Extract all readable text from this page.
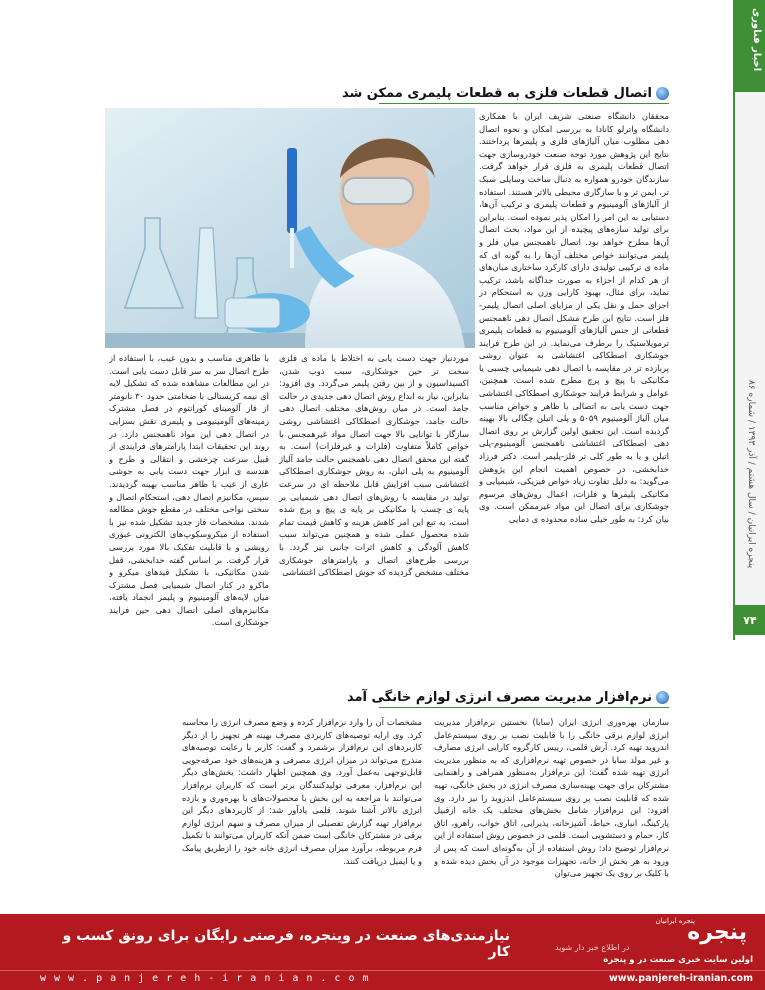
اخبار فناوری
پنجره ایرانیان / سال هشتم / آذر ۱۳۹۳ / شماره ۸۶
۷۴
اتصال قطعات فلزی به قطعات پلیمری ممکن شد
محققان دانشگاه صنعتی شریف ایران با همکاری دانشگاه واترلو کانادا به بررسی امکان و نحوه اتصال دهی مطلوب میان آلیاژهای فلزی و پلیمرها پرداختند. نتایج این پژوهش مورد توجه صنعت خودروسازی جهت اتصال قطعات پلیمری به فلزی قرار خواهد گرفت. سازندگان خودرو همواره به دنبال ساخت وسایلی سبک تر، ایمن تر و با سازگاری محیطی بالاتر هستند. استفاده از آلیاژهای آلومینیوم و قطعات پلیمری و ترکیب آن‌ها، دستیابی به این امر را امکان پذیر نموده است. بنابراین برای تولید سازه‌های پیچیده از این مواد، بحث اتصال آن‌ها مطرح خواهد بود. اتصال ناهمجنس میان فلز و پلیمر می‌توانند خواص مختلف آن‌ها را به گونه ای که ماده ی ترکیبی تولیدی دارای کارکرد ساختاری میان‌های از هر کدام از اجزاء به صورت جداگانه باشد، ترکیب نماید، برای مثال، بهبود کارایی وزن به استحکام در اجزای حمل و نقل یکی از مزایای اصلی اتصال پلیمر- فلز است. نتایج این طرح مشکل اتصال دهی ناهمجنس قطعاتی از جنس آلیاژهای آلومینیوم به قطعات پلیمری ترموپلاستیک را برطرف می‌نماید. در این طرح فرایند جوشکاری اصطکاکی اغتشاشی به عنوان روشی پربازده تر در مقایسه با اتصال دهی شیمیایی چسبی یا مکانیکی با پیچ و پرچ مطرح شده است. همچنین، عوامل و شرایط فرایند جوشکاری اصطکاکی اغتشاشی جهت دست یابی به اتصالی با ظاهر و خواص مناسب میان آلیاژ آلومینیوم ۵۰۵۹ و پلی اتیلن چگالی بالا بهینه گردیده است. این تحقیق اولین گزارش بر روی اتصال دهی اصطکاکی اغتشاشی ناهمجنس آلومینیوم-پلی اتیلن و یا به طور کلی تر فلز-پلیمر است. دکتر فرزاد خدابخشی، در خصوص اهمیت انجام این پژوهش می‌گوید: به دلیل تفاوت زیاد خواص فیزیکی، شیمیایی و مکانیکی پلیمرها و فلزات، اعمال روش‌های مرسوم جوشکاری برای اتصال این مواد غیرممکن است. وی بیان کرد: به طور خیلی ساده محدوده ی دمایی
موردنیاز جهت دست یابی به اختلاط یا ماده ی فلزی سخت تر حین جوشکاری، سبب ذوب شدن، اکسیداسیون و از بین رفتن پلیمر می‌گردد. وی افزود: بنابراین، نیاز به ابداع روش اتصال دهی جدیدی در حالت جامد است. در میان روش‌های مختلف اتصال دهی حالت جامد، جوشکاری اصطکاکی اغتشاشی روشی سازگار با توانایی بالا جهت اتصال مواد غیرهمجنس با خواص کاملاً متفاوت (فلزات و غیرفلزات) است. به گفته این محقق اتصال دهی ناهمجنس حالت جامد آلیاژ آلومینیوم به پلی اتیلن، به روش جوشکاری اصطکاکی اغتشاشی سبب افزایش قابل ملاحظه ای در سرعت تولید در مقایسه با روش‌های اتصال دهی شیمیایی بر پایه ی چسب یا مکانیکی بر پایه ی پیچ و پرچ شده است، به تبع این امر کاهش هزینه و کاهش قیمت تمام شده محصول عملی شده و همچنین می‌تواند سبب کاهش آلودگی و کاهش اثرات جانبی نیز گردد. با بررسی طرح‌های اتصال و پارامترهای جوشکاری مختلف مشخص گردیده که جوش اصطکاکی اغتشاشی
با ظاهری مناسب و بدون عیب، با استفاده از طرح اتصال سر به سر قابل دست یابی است. در این مطالعات مشاهده شده که تشکیل لایه ای نیمه کریستالی با ضخامتی حدود ۳۰ نانومتر از فاز آلومینای کورانتوم در فصل مشترک زمینه‌های آلومینیومی و پلیمری نقش بسزایی در اتصال دهی این مواد ناهمجنس دارد. در روند این تحقیقات ابتدا پارامترهای فرایندی از قبیل سرعت چرخشی و انتقالی و طرح و هندسه ی ابزار جهت دست یابی به جوشی عاری از عیب با ظاهر مناسب بهینه گردیدند. سپس، مکانیزم اتصال دهی، استحکام اتصال و سختی نواحی مختلف در مقطع جوش مطالعه شدند. مشخصات فاز جدید تشکیل شده نیز با استفاده از میکروسکوپ‌های الکترونی عبوری روبشی و با قابلیت تفکیک بالا مورد بررسی قرار گرفت. بر اساس گفته خدابخشی، قفل شدن مکانیکی، با تشکیل قیدهای میکرو و ماکرو در کنار اتصال شیمیایی فصل مشترک میان لایه‌های آلومینیوم و پلیمر انجماد یافته، مکانیزم‌های اصلی اتصال دهی حین فرایند جوشکاری است.
نرم‌افزار مدیریت مصرف انرژی لوازم خانگی آمد
سازمان بهره‌وری انرژی ایران (سابا) نخستین نرم‌افزار مدیریت انرژی لوازم برقی خانگی را با قابلیت نصب بر روی سیستم‌عامل اندروید تهیه کرد. آرش قلمی، رییس کارگروه کارایی انرژی مصارف و غیر مولد سابا در خصوص تهیه نرم‌افزاری که به منظور مدیریت انرژی تهیه شده گفت: این نرم‌افزار به‌منظور همراهی و راهنمایی مشترکان برای جهت بهینه‌سازی مصرف انرژی در بخش خانگی، تهیه شده که قابلیت نصب بر روی سیستم‌عامل اندروید را نیز دارد. وی افزود: این نرم‌افزار شامل بخش‌های مختلف یک خانه ازقبیل پارکینگ، انباری، حیاط، آشپزخانه، پذیرایی، اتاق خواب، راهرو، اتاق کار، حمام و دستشویی است. قلمی در خصوص روش استفاده از این نرم‌افزار توضیح داد: روش استفاده از آن به‌گونه‌ای است که پس از ورود به هر بخش از خانه، تجهیزات موجود در آن بخش دیده شده و با کلیک بر روی یک تجهیز می‌توان
مشخصات آن را وارد نرم‌افزار کرده و وضع مصرف انرژی را محاسبه کرد. وی ارایه توصیه‌های کاربردی مصرف بهینه هر تجهیز را از دیگر کاربردهای این نرم‌افزار برشمرد و گفت: کاربر با رعایت توصیه‌های مندرج می‌تواند در میزان انرژی مصرفی و هزینه‌های خود صرفه‌جویی قابل‌توجهی به‌عمل آورد. وی همچنین اظهار داشت: بخش‌های دیگر این نرم‌افزار، معرفی تولیدکنندگان برتر است که کاربران نرم‌افزار می‌توانند با مراجعه به این بخش با محصولات‌های با بهره‌وری و بازده انرژی بالاتر آشنا شوند. قلمی یادآور شد: از کاربردهای دیگر این نرم‌افزار تهیه گزارش تفصیلی از میزان مصرف و سهم انرژی لوازم برقی در مشترکان خانگی است ضمن آنکه کاربران می‌توانند با تکمیل فرم مربوطه، برآورد میزان مصرف انرژی خانه خود را ازطریق پیامک و یا ایمیل دریافت کنند.
نیازمندی‌های صنعت در وینجره، فرصتی رایگان برای رونق کسب و کار
پنجره ایرانیان
پنجره
در اطلاع خبر دار شوید
اولین سایت خبری صنعت در و پنجره
www.panjereh-iranian.com	www.panjereh-iranian.com
